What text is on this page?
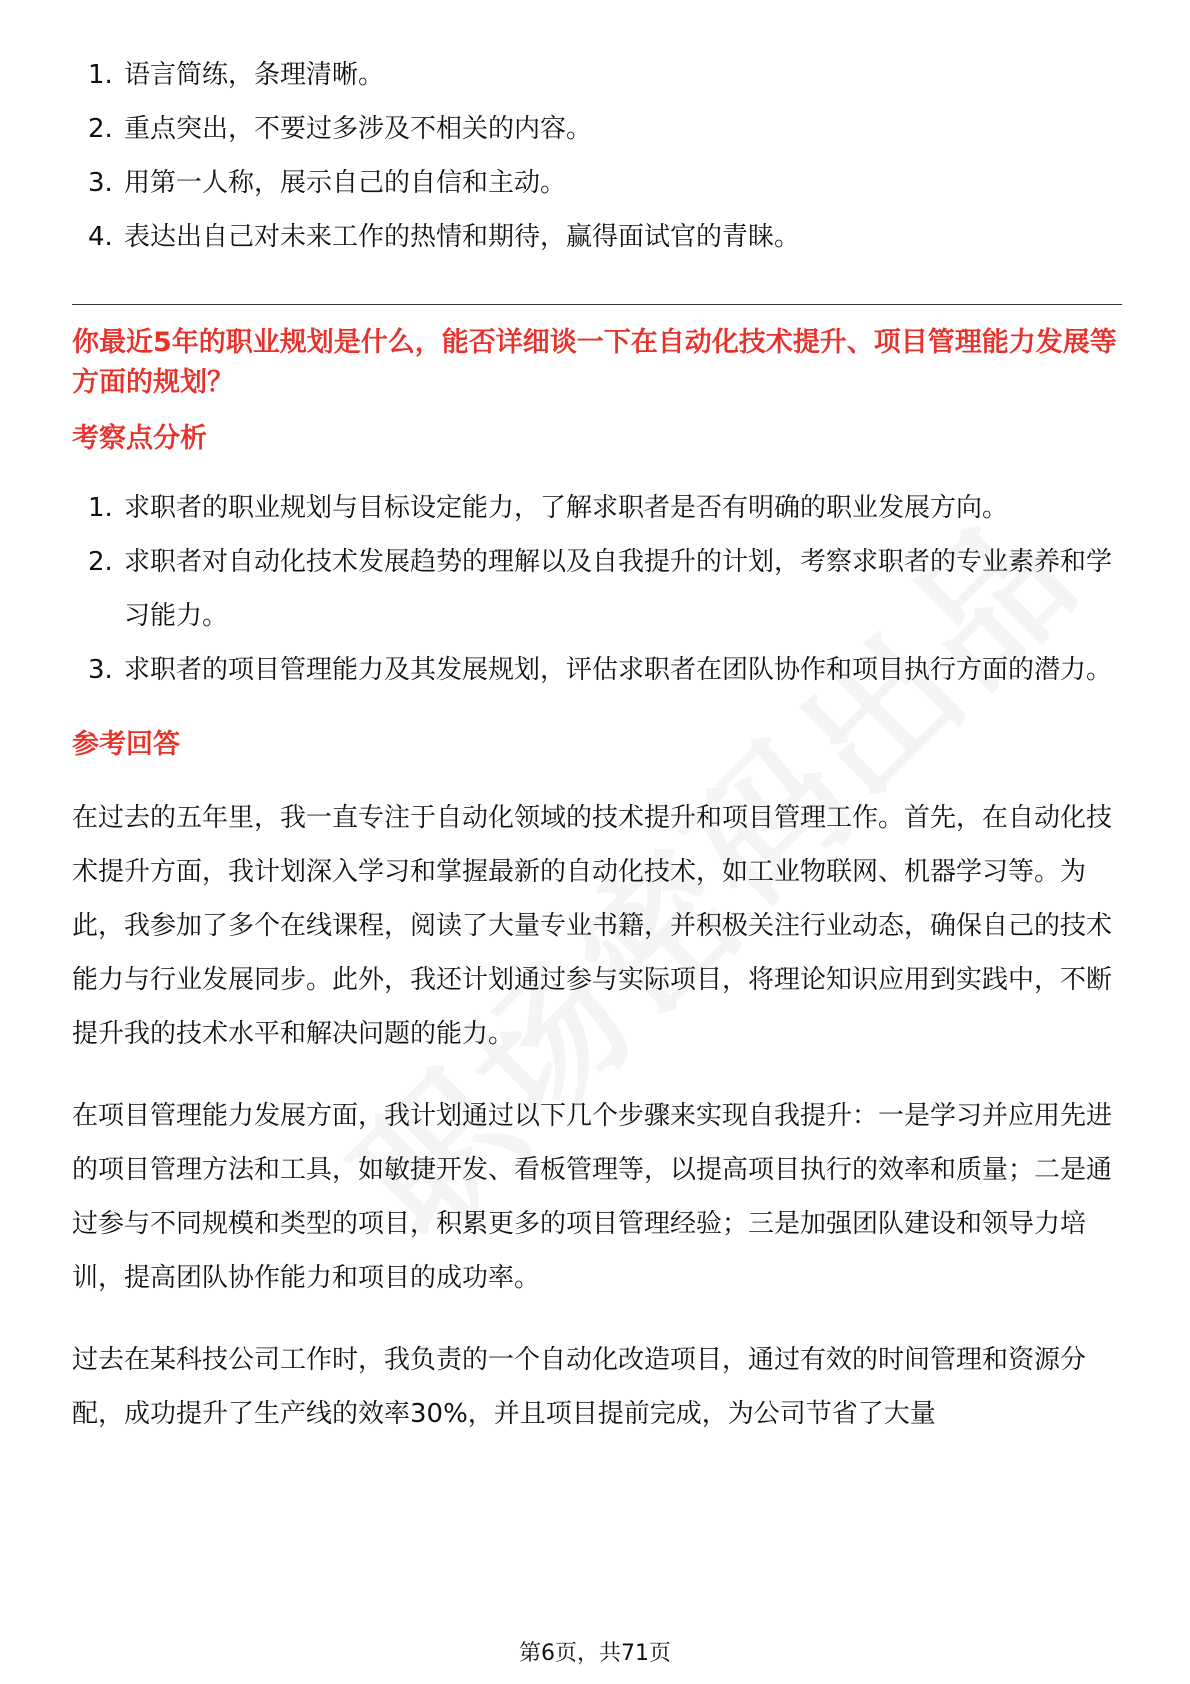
1. 语言简练，条理清晰。
2. 重点突出，不要过多涉及不相关的内容。
3. 用第一人称，展示自己的自信和主动。
4. 表达出自己对未来工作的热情和期待，赢得面试官的青睐。
你最近5年的职业规划是什么，能否详细谈一下在自动化技术提升、项目管理能力发展等方面的规划？
考察点分析
1. 求职者的职业规划与目标设定能力，了解求职者是否有明确的职业发展方向。
2. 求职者对自动化技术发展趋势的理解以及自我提升的计划，考察求职者的专业素养和学习能力。
3. 求职者的项目管理能力及其发展规划，评估求职者在团队协作和项目执行方面的潜力。
参考回答

在过去的五年里，我一直专注于自动化领域的技术提升和项目管理工作。首先，在自动化技术提升方面，我计划深入学习和掌握最新的自动化技术，如工业物联网、机器学习等。为此，我参加了多个在线课程，阅读了大量专业书籍，并积极关注行业动态，确保自己的技术能力与行业发展同步。此外，我还计划通过参与实际项目，将理论知识应用到实践中，不断提升我的技术水平和解决问题的能力。

在项目管理能力发展方面，我计划通过以下几个步骤来实现自我提升：一是学习并应用先进的项目管理方法和工具，如敏捷开发、看板管理等，以提高项目执行的效率和质量；二是通过参与不同规模和类型的项目，积累更多的项目管理经验；三是加强团队建设和领导力培训，提高团队协作能力和项目的成功率。

过去在某科技公司工作时，我负责的一个自动化改造项目，通过有效的时间管理和资源分配，成功提升了生产线的效率30%，并且项目提前完成，为公司节省了大量

第6页，共71页
